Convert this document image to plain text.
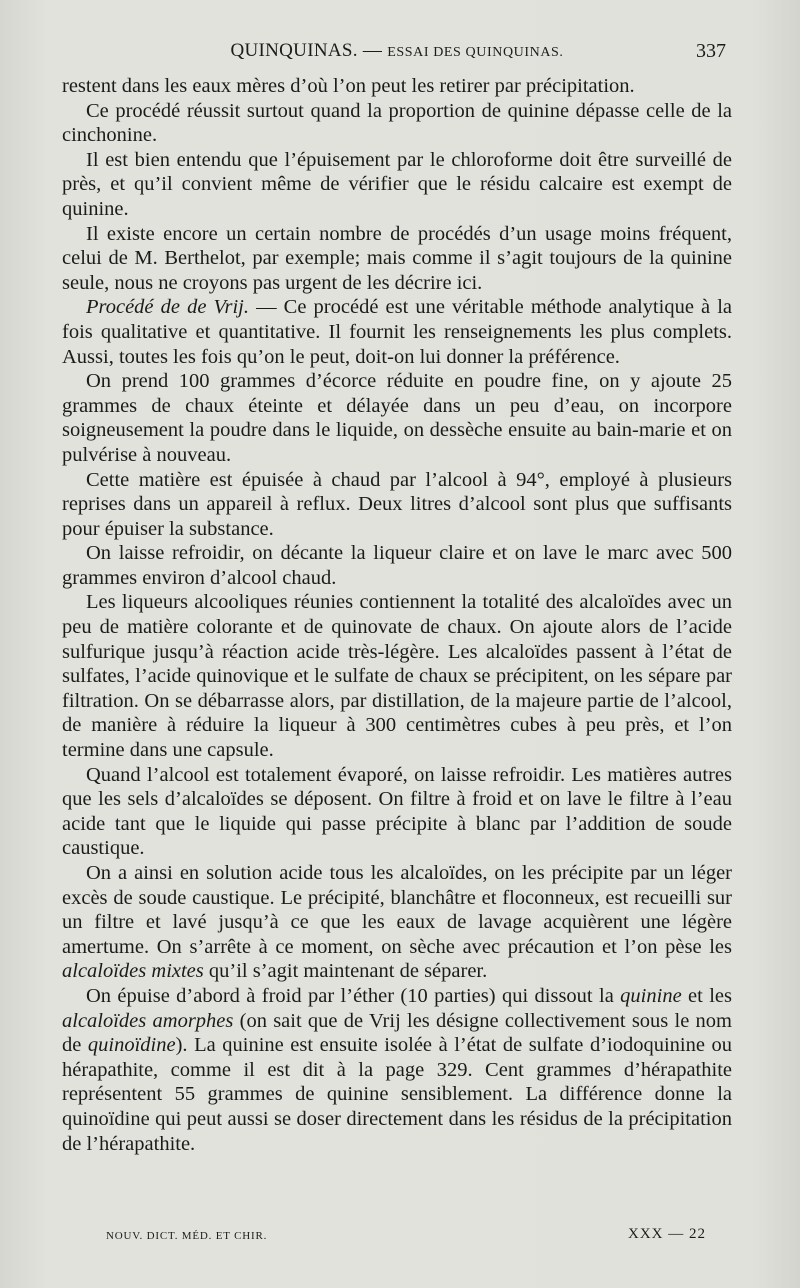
QUINQUINAS. — ESSAI DES QUINQUINAS.	337

restent dans les eaux mères d’où l’on peut les retirer par précipitation.

Ce procédé réussit surtout quand la proportion de quinine dépasse celle de la cinchonine.

Il est bien entendu que l’épuisement par le chloroforme doit être surveillé de près, et qu’il convient même de vérifier que le résidu calcaire est exempt de quinine.

Il existe encore un certain nombre de procédés d’un usage moins fréquent, celui de M. Berthelot, par exemple; mais comme il s’agit toujours de la quinine seule, nous ne croyons pas urgent de les décrire ici.

Procédé de de Vrij. — Ce procédé est une véritable méthode analytique à la fois qualitative et quantitative. Il fournit les renseignements les plus complets. Aussi, toutes les fois qu’on le peut, doit-on lui donner la préférence.

On prend 100 grammes d’écorce réduite en poudre fine, on y ajoute 25 grammes de chaux éteinte et délayée dans un peu d’eau, on incorpore soigneusement la poudre dans le liquide, on dessèche ensuite au bain-marie et on pulvérise à nouveau.

Cette matière est épuisée à chaud par l’alcool à 94°, employé à plusieurs reprises dans un appareil à reflux. Deux litres d’alcool sont plus que suffisants pour épuiser la substance.

On laisse refroidir, on décante la liqueur claire et on lave le marc avec 500 grammes environ d’alcool chaud.

Les liqueurs alcooliques réunies contiennent la totalité des alcaloïdes avec un peu de matière colorante et de quinovate de chaux. On ajoute alors de l’acide sulfurique jusqu’à réaction acide très-légère. Les alcaloïdes passent à l’état de sulfates, l’acide quinovique et le sulfate de chaux se précipitent, on les sépare par filtration. On se débarrasse alors, par distillation, de la majeure partie de l’alcool, de manière à réduire la liqueur à 300 centimètres cubes à peu près, et l’on termine dans une capsule.

Quand l’alcool est totalement évaporé, on laisse refroidir. Les matières autres que les sels d’alcaloïdes se déposent. On filtre à froid et on lave le filtre à l’eau acide tant que le liquide qui passe précipite à blanc par l’addition de soude caustique.

On a ainsi en solution acide tous les alcaloïdes, on les précipite par un léger excès de soude caustique. Le précipité, blanchâtre et floconneux, est recueilli sur un filtre et lavé jusqu’à ce que les eaux de lavage acquièrent une légère amertume. On s’arrête à ce moment, on sèche avec précaution et l’on pèse les alcaloïdes mixtes qu’il s’agit maintenant de séparer.

On épuise d’abord à froid par l’éther (10 parties) qui dissout la quinine et les alcaloïdes amorphes (on sait que de Vrij les désigne collectivement sous le nom de quinoïdine). La quinine est ensuite isolée à l’état de sulfate d’iodoquinine ou hérapathite, comme il est dit à la page 329. Cent grammes d’hérapathite représentent 55 grammes de quinine sensiblement. La différence donne la quinoïdine qui peut aussi se doser directement dans les résidus de la précipitation de l’hérapathite.

NOUV. DICT. MÉD. ET CHIR.	XXX — 22
